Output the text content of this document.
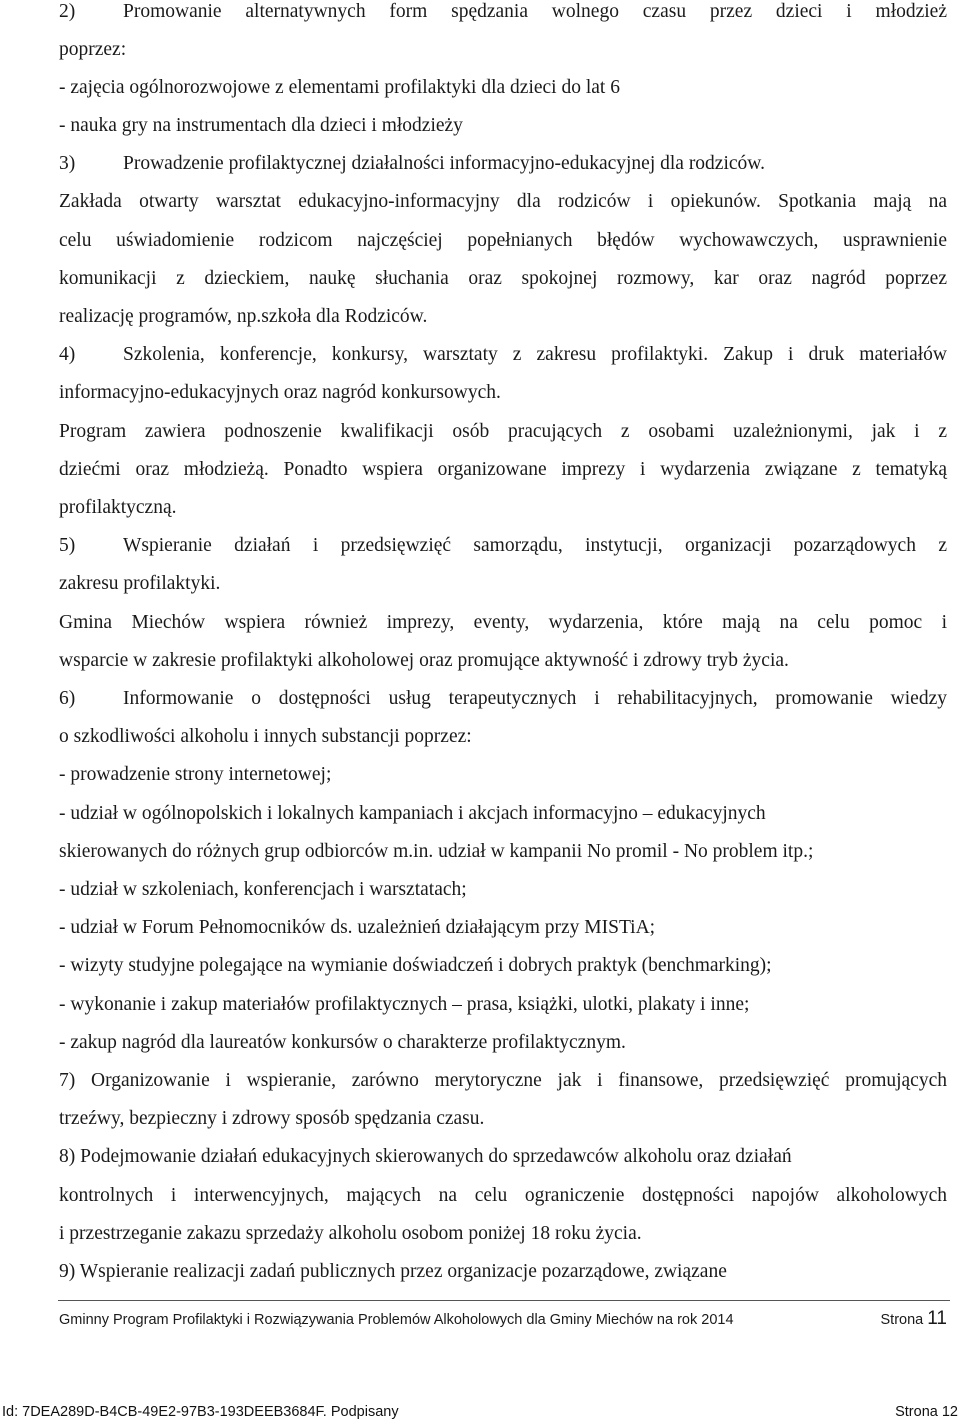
2) Promowanie alternatywnych form spędzania wolnego czasu przez dzieci i młodzież
poprzez:
- zajęcia ogólnorozwojowe z elementami profilaktyki dla dzieci do lat 6
- nauka gry na instrumentach dla dzieci i młodzieży
3) Prowadzenie profilaktycznej działalności informacyjno-edukacyjnej dla rodziców.
Zakłada otwarty warsztat edukacyjno-informacyjny dla rodziców i opiekunów. Spotkania mają na
celu uświadomienie rodzicom najczęściej popełnianych błędów wychowawczych, usprawnienie
komunikacji z dzieckiem, naukę słuchania oraz spokojnej rozmowy, kar oraz nagród poprzez
realizację programów, np.szkoła dla Rodziców.
4) Szkolenia, konferencje, konkursy, warsztaty z zakresu profilaktyki. Zakup i druk materiałów
informacyjno-edukacyjnych oraz nagród konkursowych.
Program zawiera podnoszenie kwalifikacji osób pracujących z osobami uzależnionymi, jak i z
dziećmi oraz młodzieżą. Ponadto wspiera organizowane imprezy i wydarzenia związane z tematyką
profilaktyczną.
5) Wspieranie działań i przedsięwzięć samorządu, instytucji, organizacji pozarządowych z
zakresu profilaktyki.
Gmina Miechów wspiera również imprezy, eventy, wydarzenia, które mają na celu pomoc i
wsparcie w zakresie profilaktyki alkoholowej oraz promujące aktywność i zdrowy tryb życia.
6) Informowanie o dostępności usług terapeutycznych i rehabilitacyjnych, promowanie wiedzy
o szkodliwości alkoholu i innych substancji poprzez:
- prowadzenie strony internetowej;
- udział w ogólnopolskich i lokalnych kampaniach i akcjach informacyjno – edukacyjnych
skierowanych do różnych grup odbiorców m.in. udział w kampanii No promil - No problem itp.;
- udział w szkoleniach, konferencjach i warsztatach;
- udział w Forum Pełnomocników ds. uzależnień działającym przy MISTiA;
- wizyty studyjne polegające na wymianie doświadczeń i dobrych praktyk (benchmarking);
- wykonanie i zakup materiałów profilaktycznych – prasa, książki, ulotki, plakaty i inne;
- zakup nagród dla laureatów konkursów o charakterze profilaktycznym.
7) Organizowanie i wspieranie, zarówno merytoryczne jak i finansowe, przedsięwzięć promujących
trzeźwy, bezpieczny i zdrowy sposób spędzania czasu.
8) Podejmowanie działań edukacyjnych skierowanych do sprzedawców alkoholu oraz działań
kontrolnych i interwencyjnych, mających na celu ograniczenie dostępności napojów alkoholowych
i przestrzeganie zakazu sprzedaży alkoholu osobom poniżej 18 roku życia.
9) Wspieranie realizacji zadań publicznych przez organizacje pozarządowe, związane
Gminny Program Profilaktyki i Rozwiązywania Problemów Alkoholowych dla Gminy Miechów na rok 2014	Strona 11
Id: 7DEA289D-B4CB-49E2-97B3-193DEEB3684F. Podpisany	Strona 12
